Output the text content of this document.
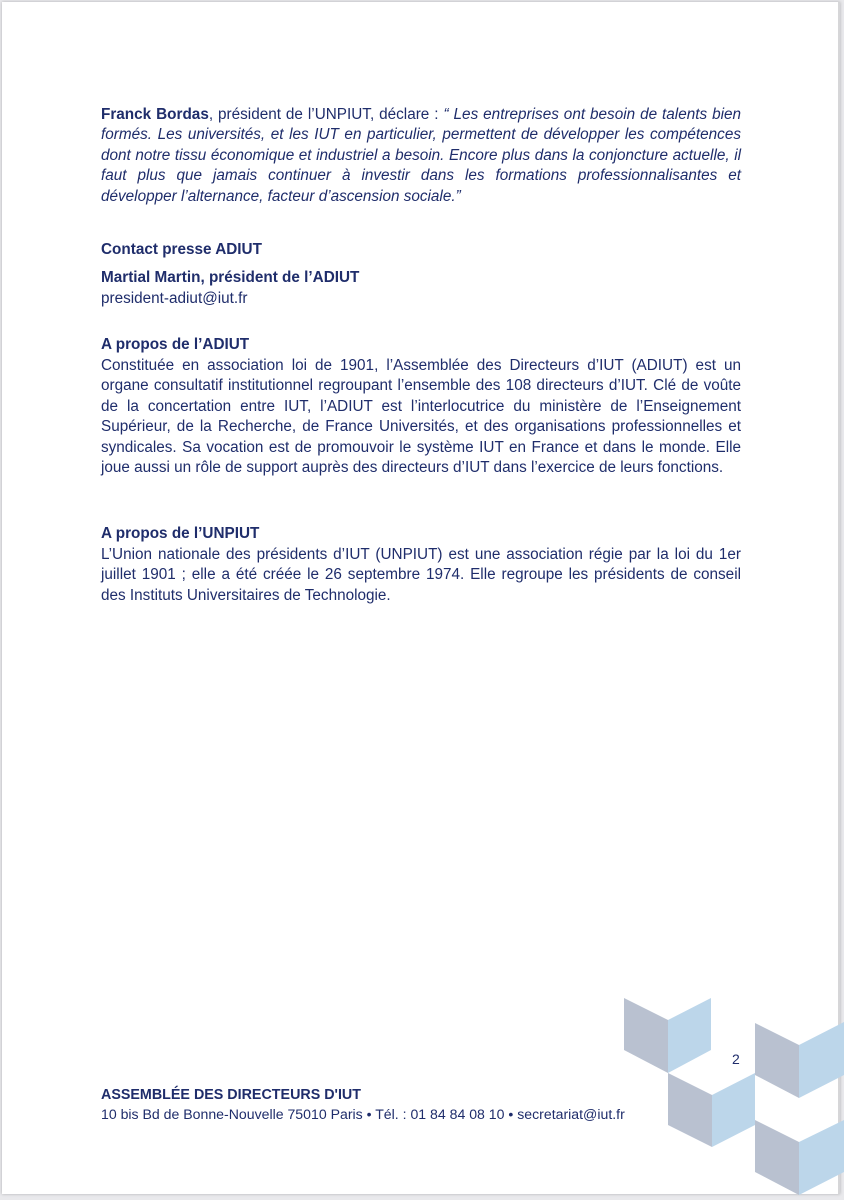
Franck Bordas, président de l’UNPIUT, déclare : “ Les entreprises ont besoin de talents bien formés. Les universités, et les IUT en particulier, permettent de développer les compétences dont notre tissu économique et industriel a besoin. Encore plus dans la conjoncture actuelle, il faut plus que jamais continuer à investir dans les formations professionnalisantes et développer l’alternance, facteur d’ascension sociale.”
Contact presse ADIUT
Martial Martin, président de l’ADIUT
president-adiut@iut.fr
A propos de l’ADIUT
Constituée en association loi de 1901, l’Assemblée des Directeurs d’IUT (ADIUT) est un organe consultatif institutionnel regroupant l’ensemble des 108 directeurs d’IUT. Clé de voûte de la concertation entre IUT, l’ADIUT est l’interlocutrice du ministère de l’Enseignement Supérieur, de la Recherche, de France Universités, et des organisations professionnelles et syndicales. Sa vocation est de promouvoir le système IUT en France et dans le monde. Elle joue aussi un rôle de support auprès des directeurs d’IUT dans l’exercice de leurs fonctions.
A propos de l’UNPIUT
L’Union nationale des présidents d’IUT (UNPIUT) est une association régie par la loi du 1er juillet 1901 ; elle a été créée le 26 septembre 1974. Elle regroupe les présidents de conseil des Instituts Universitaires de Technologie.
2
ASSEMBLÉE DES DIRECTEURS D'IUT
10 bis Bd de Bonne-Nouvelle 75010 Paris • Tél. : 01 84 84 08 10 • secretariat@iut.fr
